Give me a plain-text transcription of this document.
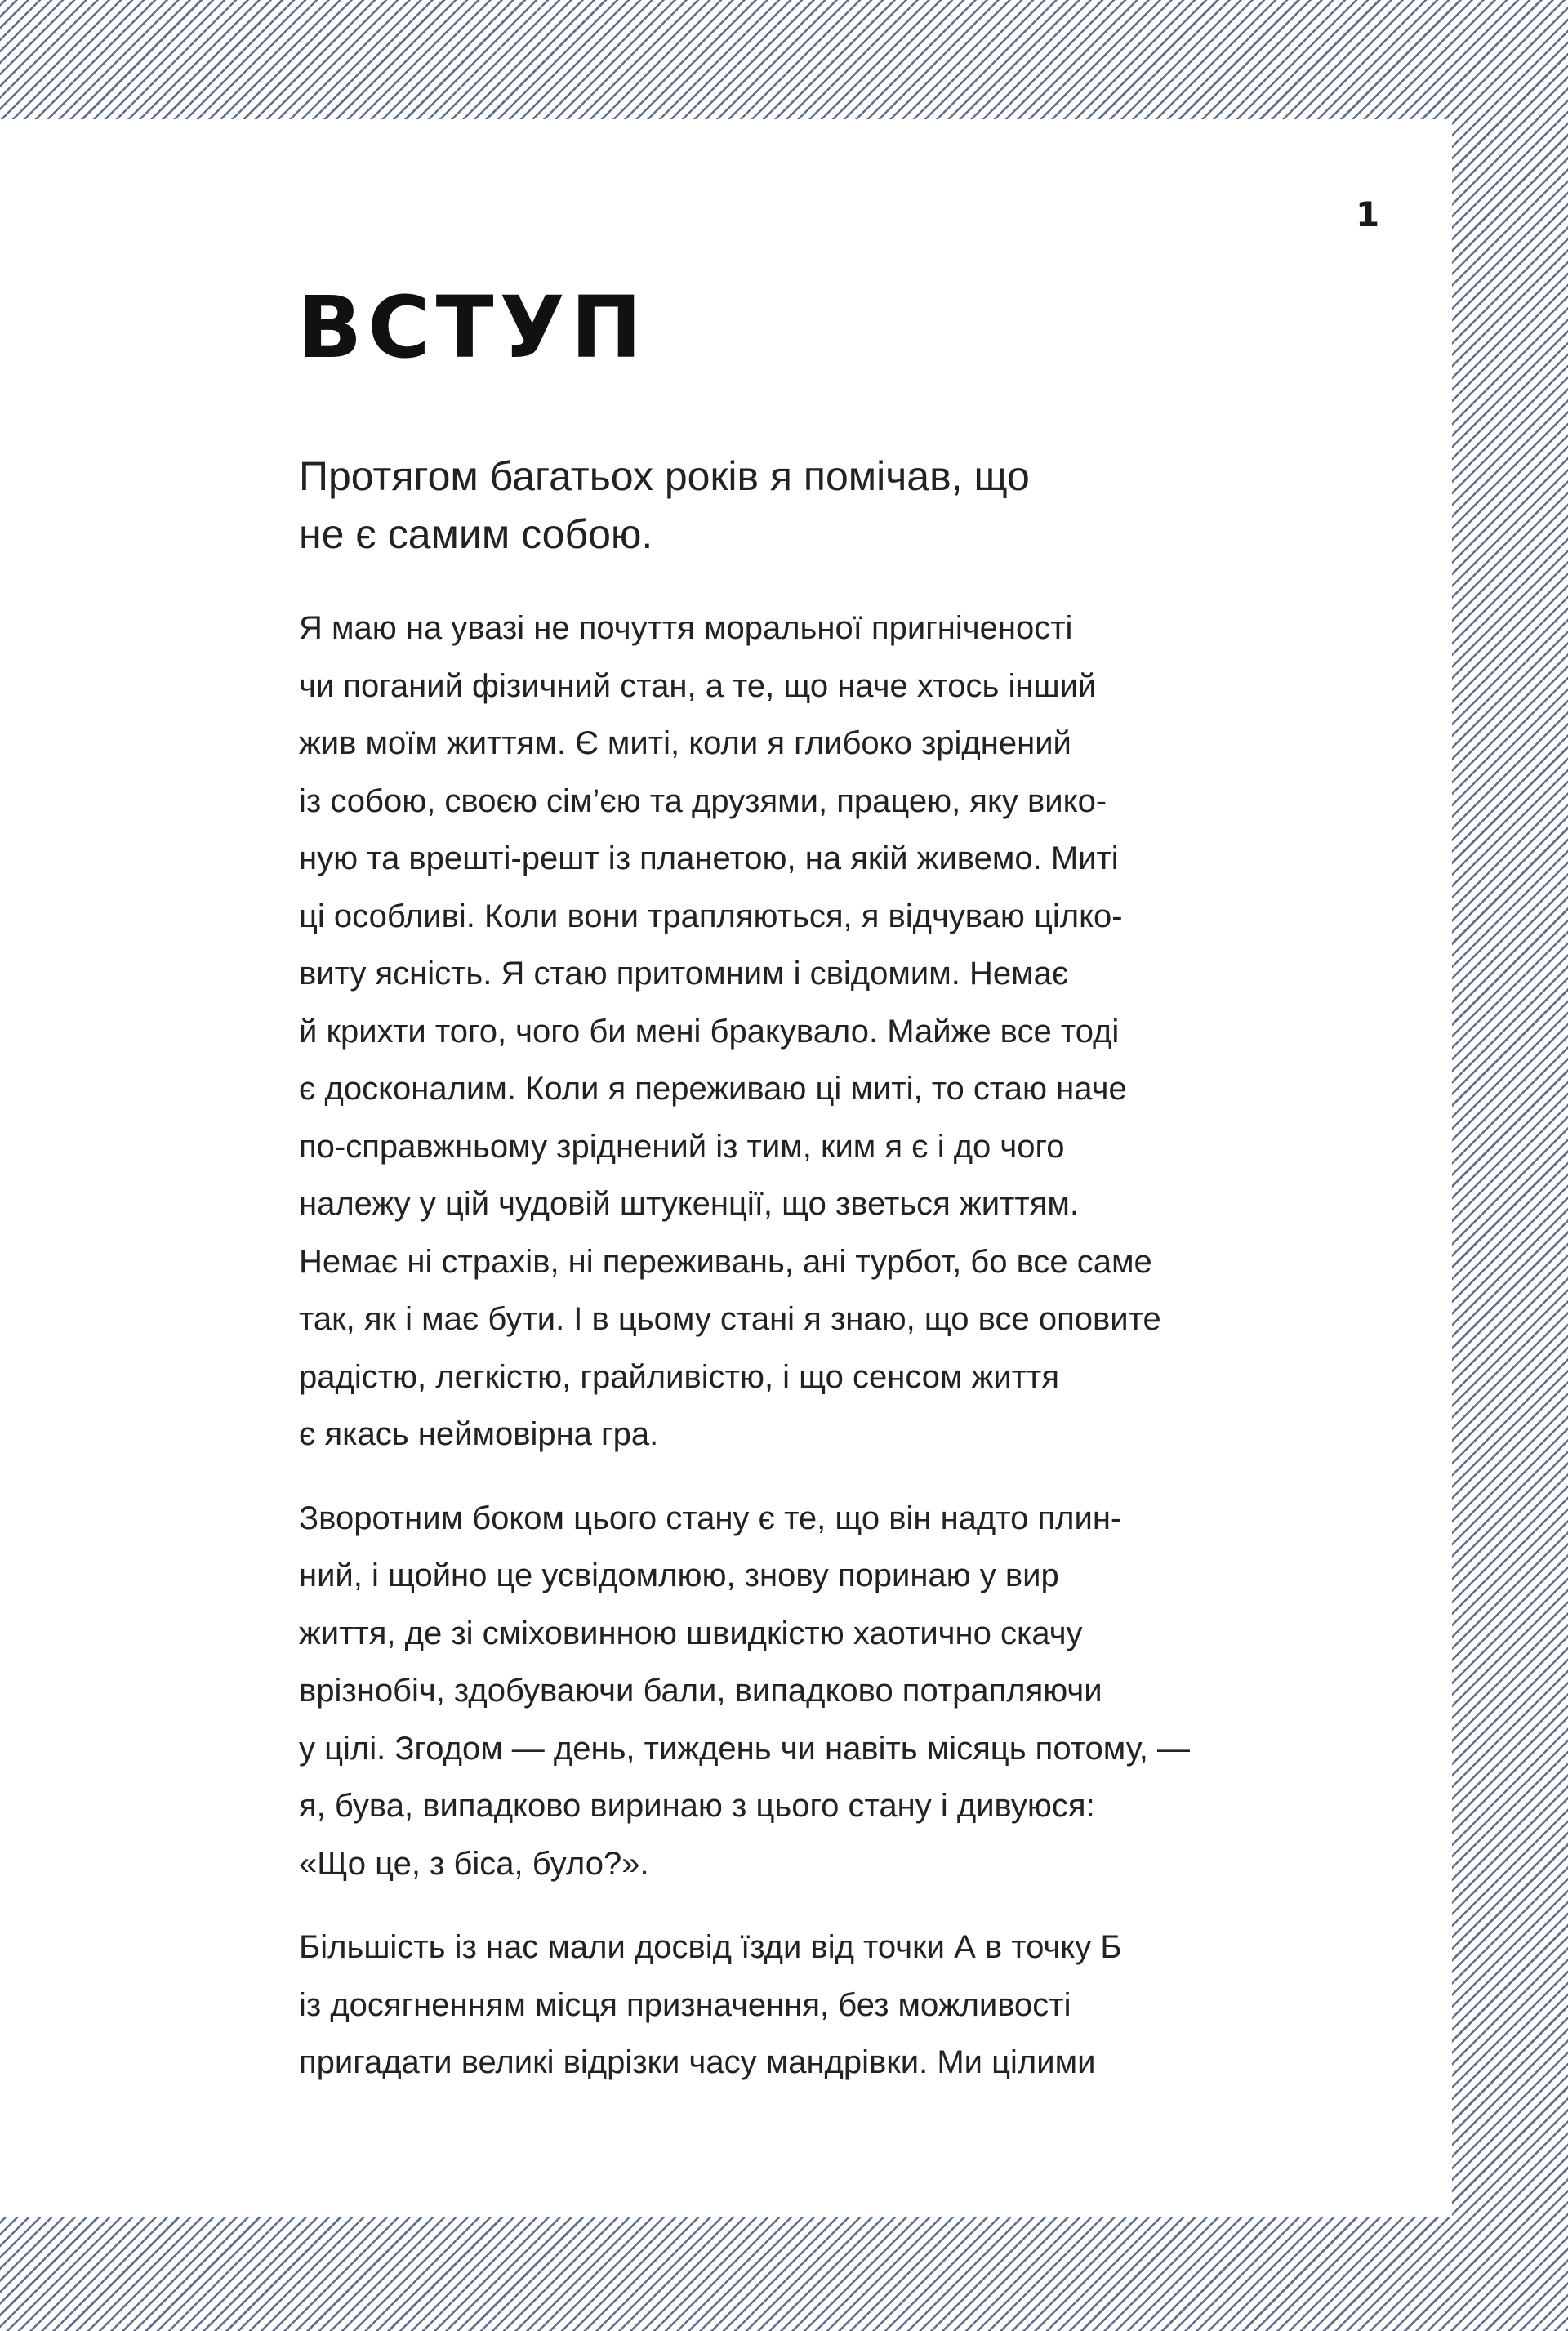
1
ВСТУП

Протягом багатьох років я помічав, що
не є самим собою.

Я маю на увазі не почуття моральної пригніченості
чи поганий фізичний стан, а те, що наче хтось інший
жив моїм життям. Є миті, коли я глибоко зріднений
із собою, своєю сім’єю та друзями, працею, яку вико-
ную та врешті-решт із планетою, на якій живемо. Миті
ці особливі. Коли вони трапляються, я відчуваю цілко-
виту ясність. Я стаю притомним і свідомим. Немає
й крихти того, чого би мені бракувало. Майже все тоді
є досконалим. Коли я переживаю ці миті, то стаю наче
по-справжньому зріднений із тим, ким я є і до чого
належу у цій чудовій штукенції, що зветься життям.
Немає ні страхів, ні переживань, ані турбот, бо все саме
так, як і має бути. І в цьому стані я знаю, що все оповите
радістю, легкістю, грайливістю, і що сенсом життя
є якась неймовірна гра.

Зворотним боком цього стану є те, що він надто плин-
ний, і щойно це усвідомлюю, знову поринаю у вир
життя, де зі сміховинною швидкістю хаотично скачу
врізнобіч, здобуваючи бали, випадково потрапляючи
у цілі. Згодом — день, тиждень чи навіть місяць потому, —
я, бува, випадково виринаю з цього стану і дивуюся:
«Що це, з біса, було?».

Більшість із нас мали досвід їзди від точки А в точку Б
із досягненням місця призначення, без можливості
пригадати великі відрізки часу мандрівки. Ми цілими
